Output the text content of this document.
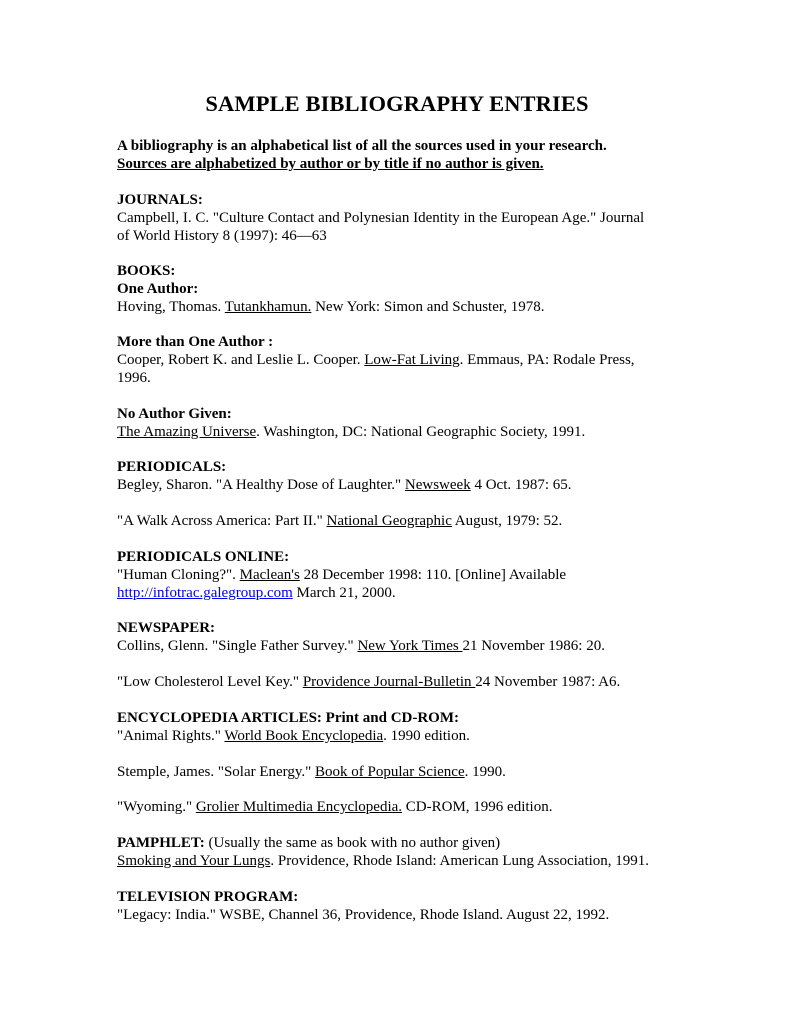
SAMPLE BIBLIOGRAPHY ENTRIES
A bibliography is an alphabetical list of all the sources used in your research.
Sources are alphabetized by author or by title if no author is given.
JOURNALS:
Campbell, I. C. "Culture Contact and Polynesian Identity in the European Age." Journal
of World History 8 (1997): 46—63
BOOKS:
One Author:
Hoving, Thomas. Tutankhamun. New York: Simon and Schuster, 1978.
More than One Author :
Cooper, Robert K. and Leslie L. Cooper. Low-Fat Living. Emmaus, PA: Rodale Press,
1996.
No Author Given:
The Amazing Universe. Washington, DC: National Geographic Society, 1991.
PERIODICALS:
Begley, Sharon. "A Healthy Dose of Laughter." Newsweek 4 Oct. 1987: 65.
"A Walk Across America: Part II." National Geographic August, 1979: 52.
PERIODICALS ONLINE:
"Human Cloning?". Maclean's 28 December 1998: 110. [Online] Available
http://infotrac.galegroup.com March 21, 2000.
NEWSPAPER:
Collins, Glenn. "Single Father Survey." New York Times 21 November 1986: 20.
"Low Cholesterol Level Key." Providence Journal-Bulletin 24 November 1987: A6.
ENCYCLOPEDIA ARTICLES: Print and CD-ROM:
"Animal Rights." World Book Encyclopedia. 1990 edition.
Stemple, James. "Solar Energy." Book of Popular Science. 1990.
"Wyoming." Grolier Multimedia Encyclopedia. CD-ROM, 1996 edition.
PAMPHLET: (Usually the same as book with no author given)
Smoking and Your Lungs. Providence, Rhode Island: American Lung Association, 1991.
TELEVISION PROGRAM:
"Legacy: India." WSBE, Channel 36, Providence, Rhode Island. August 22, 1992.
